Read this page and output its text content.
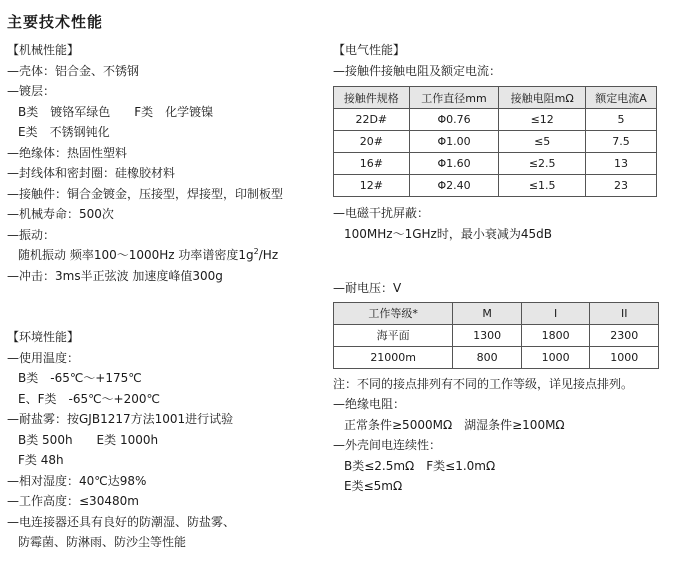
主要技术性能
【机械性能】
—壳体：铝合金、不锈钢
—镀层：
B类　镀铬军绿色　　F类　化学镀镍
E类　不锈钢钝化
—绝缘体：热固性塑料
—封线体和密封圈：硅橡胶材料
—接触件：铜合金镀金，压接型，焊接型，印制板型
—机械寿命：500次
—振动：
随机振动 频率100～1000Hz 功率谱密度$1g^2/Hz$
—冲击：3ms半正弦波 加速度峰值300g
【环境性能】
—使用温度：
B类　-65℃～+175℃
E、F类　-65℃～+200℃
—耐盐雾：按GJB1217方法1001进行试验
B类 500h　　E类 1000h
F类 48h
—相对湿度：40℃达98%
—工作高度：≤30480m
—电连接器还具有良好的防潮湿、防盐雾、
防霉菌、防淋雨、防沙尘等性能
【电气性能】
—接触件接触电阻及额定电流：
接触件规格	工作直径mm	接触电阻mΩ	额定电流A
22D#	Φ0.76	≤12	5
20#	Φ1.00	≤5	7.5
16#	Φ1.60	≤2.5	13
12#	Φ2.40	≤1.5	23
—电磁干扰屏蔽：
100MHz～1GHz时，最小衰减为45dB
—耐电压：V
工作等级*	M	I	II
海平面	1300	1800	2300
21000m	800	1000	1000
注：不同的接点排列有不同的工作等级，详见接点排列。
—绝缘电阻：
正常条件≥5000MΩ　湖湿条件≥100MΩ
—外壳间电连续性：
B类≤2.5mΩ　F类≤1.0mΩ
E类≤5mΩ
